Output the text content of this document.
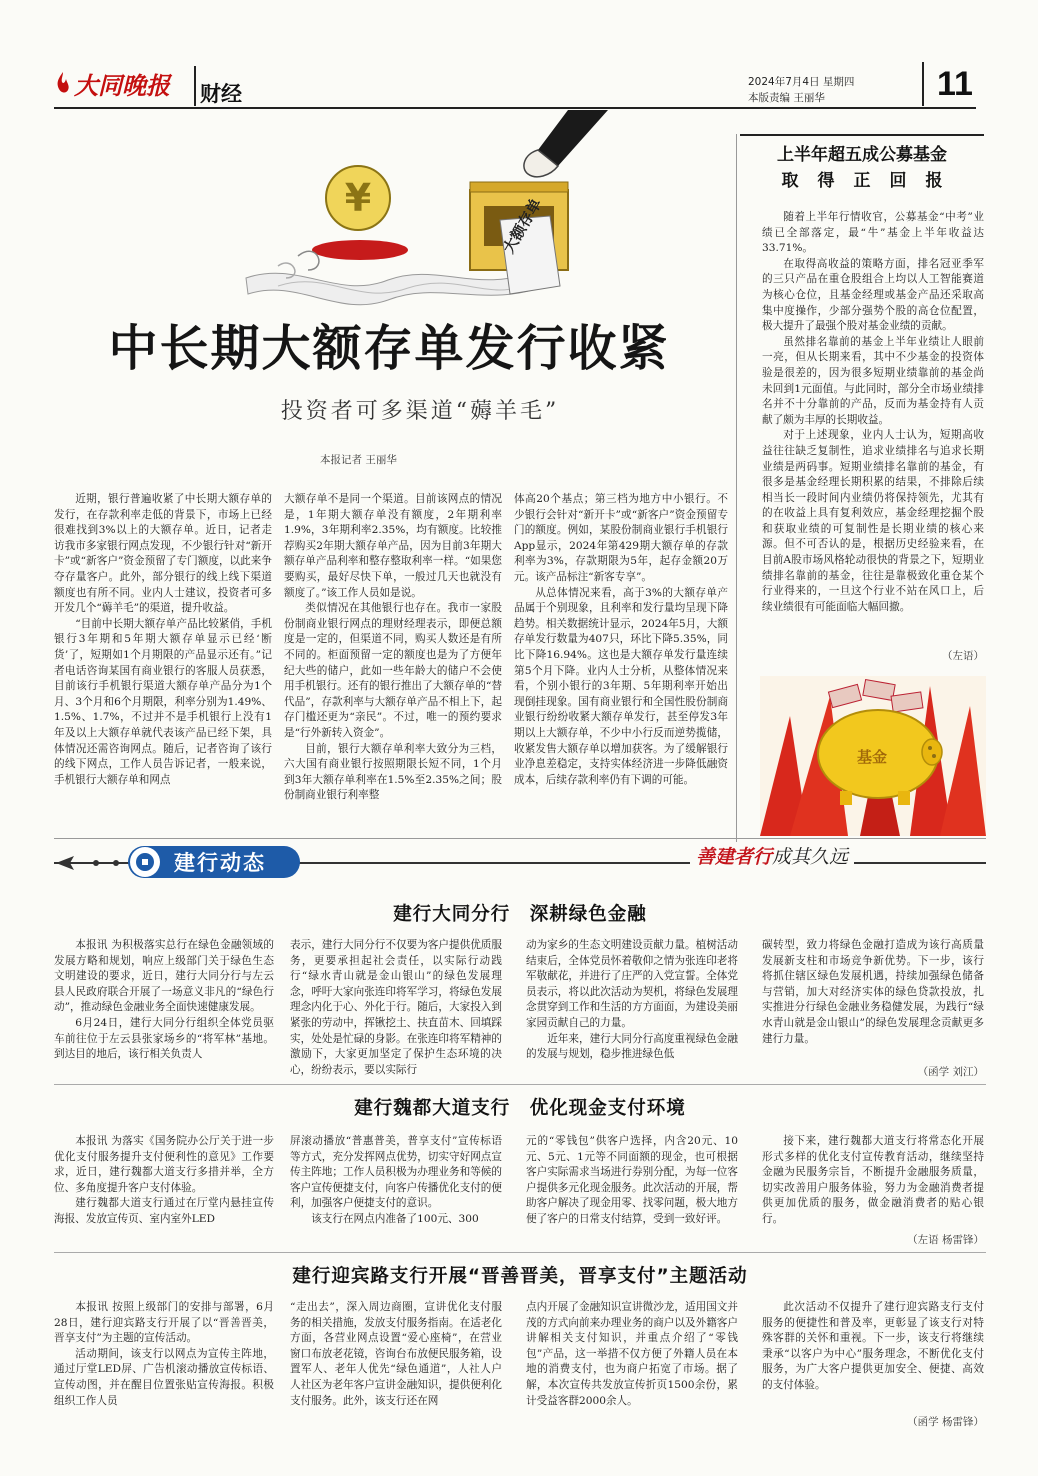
大同晚报 财经	2024年7月4日 星期四
本版责编 王丽华	11
大额存单
¥
中长期大额存单发行收紧
投资者可多渠道“薅羊毛”
本报记者 王丽华

近期，银行普遍收紧了中长期大额存单的发行，在存款利率走低的背景下，市场上已经很难找到3%以上的大额存单。近日，记者走访我市多家银行网点发现，不少银行针对“新开卡”或“新客户”资金预留了专门额度，以此来争夺存量客户。此外，部分银行的线上线下渠道额度也有所不同。业内人士建议，投资者可多开发几个“薅羊毛”的渠道，提升收益。

“目前中长期大额存单产品比较紧俏，手机银行3年期和5年期大额存单显示已经‘断货’了，短期如1个月期限的产品显示还有。”记者电话咨询某国有商业银行的客服人员获悉，目前该行手机银行渠道大额存单产品分为1个月、3个月和6个月期限，利率分别为1.49%、1.5%、1.7%，不过并不是手机银行上没有1年及以上大额存单就代表该产品已经下架，具体情况还需咨询网点。随后，记者咨询了该行的线下网点，工作人员告诉记者，一般来说，手机银行大额存单和网点

大额存单不是同一个渠道。目前该网点的情况是，1年期大额存单没有额度，2年期利率1.9%，3年期利率2.35%，均有额度。比较推荐购买2年期大额存单产品，因为目前3年期大额存单产品利率和整存整取利率一样。“如果您要购买，最好尽快下单，一般过几天也就没有额度了。”该工作人员如是说。

类似情况在其他银行也存在。我市一家股份制商业银行网点的理财经理表示，即便总额度是一定的，但渠道不同，购买人数还是有所不同的。柜面预留一定的额度也是为了方便年纪大些的储户，此如一些年龄大的储户不会使用手机银行。还有的银行推出了大额存单的“替代品”，存款利率与大额存单产品不相上下，起存门槛还更为“亲民”。不过，唯一的预约要求是“行外新转入资金”。

目前，银行大额存单利率大致分为三档，六大国有商业银行按照期限长短不同，1个月到3年大额存单利率在1.5%至2.35%之间；股份制商业银行利率整

体高20个基点；第三档为地方中小银行。不少银行会针对“新开卡”或“新客户”资金预留专门的额度。例如，某股份制商业银行手机银行App显示，2024年第429期大额存单的存款利率为3%，存款期限为5年，起存金额20万元。该产品标注“新客专享”。

从总体情况来看，高于3%的大额存单产品属于个别现象，且利率和发行量均呈现下降趋势。相关数据统计显示，2024年5月，大额存单发行数量为407只，环比下降5.35%，同比下降16.94%。这也是大额存单发行量连续第5个月下降。业内人士分析，从整体情况来看，个别小银行的3年期、5年期利率开始出现倒挂现象。国有商业银行和全国性股份制商业银行纷纷收紧大额存单发行，甚至停发3年期以上大额存单，不少中小行反而逆势揽储，收紧发售大额存单以增加获客。为了缓解银行业净息差稳定，支持实体经济进一步降低融资成本，后续存款利率仍有下调的可能。

上半年超五成公募基金
取得正回报

随着上半年行情收官，公募基金“中考”业绩已全部落定，最“牛”基金上半年收益达33.71%。

在取得高收益的策略方面，排名冠亚季军的三只产品在重仓股组合上均以人工智能赛道为核心仓位，且基金经理或基金产品还采取高集中度操作，少部分强势个股的高仓位配置，极大提升了最强个股对基金业绩的贡献。

虽然排名靠前的基金上半年业绩让人眼前一亮，但从长期来看，其中不少基金的投资体验是很差的，因为很多短期业绩靠前的基金尚未回到1元面值。与此同时，部分全市场业绩排名并不十分靠前的产品，反而为基金持有人贡献了颇为丰厚的长期收益。

对于上述现象，业内人士认为，短期高收益往往缺乏复制性，追求业绩排名与追求长期业绩是两码事。短期业绩排名靠前的基金，有很多是基金经理长期积累的结果，不排除后续相当长一段时间内业绩仍将保持领先，尤其有的在收益上具有复利效应，基金经理挖掘个股和获取业绩的可复制性是长期业绩的核心来源。但不可否认的是，根据历史经验来看，在目前A股市场风格轮动很快的背景之下，短期业绩排名靠前的基金，往往是靠极致化重仓某个行业得来的，一旦这个行业不站在风口上，后续业绩很有可能面临大幅回撤。

（左语）
基金
建行动态	善建者行成其久远
建行大同分行　深耕绿色金融

本报讯 为积极落实总行在绿色金融领域的发展方略和规划，响应上级部门关于绿色生态文明建设的要求，近日，建行大同分行与左云县人民政府联合开展了一场意义非凡的“绿色行动”，推动绿色金融业务全面快速健康发展。

6月24日，建行大同分行组织全体党员驱车前往位于左云县张家场乡的“将军林”基地。到达目的地后，该行相关负责人

表示，建行大同分行不仅要为客户提供优质服务，更要承担起社会责任，以实际行动践行“绿水青山就是金山银山”的绿色发展理念，呼吁大家向张连印将军学习，将绿色发展理念内化于心、外化于行。随后，大家投入到紧张的劳动中，挥锹挖土、扶直苗木、回填踩实，处处是忙碌的身影。在张连印将军精神的激励下，大家更加坚定了保护生态环境的决心，纷纷表示，要以实际行

动为家乡的生态文明建设贡献力量。植树活动结束后，全体党员怀着敬仰之情为张连印老将军敬献花，并进行了庄严的入党宣誓。全体党员表示，将以此次活动为契机，将绿色发展理念贯穿到工作和生活的方方面面，为建设美丽家园贡献自己的力量。

近年来，建行大同分行高度重视绿色金融的发展与规划，稳步推进绿色低

碳转型，致力将绿色金融打造成为该行高质量发展新支柱和市场竞争新优势。下一步，该行将抓住辖区绿色发展机遇，持续加强绿色储备与营销，加大对经济实体的绿色贷款投放，扎实推进分行绿色金融业务稳健发展，为践行“绿水青山就是金山银山”的绿色发展理念贡献更多建行力量。

（函学 刘江）
建行魏都大道支行　优化现金支付环境

本报讯 为落实《国务院办公厅关于进一步优化支付服务提升支付便利性的意见》工作要求，近日，建行魏都大道支行多措并举，全方位、多角度提升客户支付体验。

建行魏都大道支行通过在厅堂内悬挂宣传海报、发放宣传页、室内室外LED

屏滚动播放“普惠普美，普享支付”宣传标语等方式，充分发挥网点优势，切实守好网点宣传主阵地；工作人员积极为办理业务和等候的客户宣传便捷支付，向客户传播优化支付的便利，加强客户便捷支付的意识。

该支行在网点内准备了100元、300

元的“零钱包”供客户选择，内含20元、10元、5元、1元等不同面额的现金，也可根据客户实际需求当场进行券别分配，为每一位客户提供多元化现金服务。此次活动的开展，帮助客户解决了现金用零、找零问题，极大地方便了客户的日常支付结算，受到一致好评。

接下来，建行魏都大道支行将常态化开展形式多样的优化支付宣传教育活动，继续坚持金融为民服务宗旨，不断提升金融服务质量，切实改善用户服务体验，努力为金融消费者提供更加优质的服务，做金融消费者的贴心银行。

（左语 杨雷锋）
建行迎宾路支行开展“晋善晋美，晋享支付”主题活动

本报讯 按照上级部门的安排与部署，6月28日，建行迎宾路支行开展了以“晋善晋美，晋享支付”为主题的宣传活动。

活动期间，该支行以网点为宣传主阵地，通过厅堂LED屏、广告机滚动播放宣传标语、宣传动图，并在醒目位置张贴宣传海报。积极组织工作人员

“走出去”，深入周边商圈，宣讲优化支付服务的相关措施，发放支付服务指南。在适老化方面，各营业网点设置“爱心座椅”，在营业窗口布放老花镜，咨询台布放便民服务箱，设置军人、老年人优先“绿色通道”，人社人户人社区为老年客户宣讲金融知识，提供便利化支付服务。此外，该支行还在网

点内开展了金融知识宣讲微沙龙，适用国文并茂的方式向前来办理业务的商户以及外籍客户讲解相关支付知识，并重点介绍了“零钱包”产品，这一举措不仅方便了外籍人员在本地的消费支付，也为商户拓宽了市场。据了解，本次宣传共发放宣传折页1500余份，累计受益客群2000余人。

此次活动不仅提升了建行迎宾路支行支付服务的便捷性和普及率，更彰显了该支行对特殊客群的关怀和重视。下一步，该支行将继续秉承“以客户为中心”服务理念，不断优化支付服务，为广大客户提供更加安全、便捷、高效的支付体验。

（函学 杨雷锋）
